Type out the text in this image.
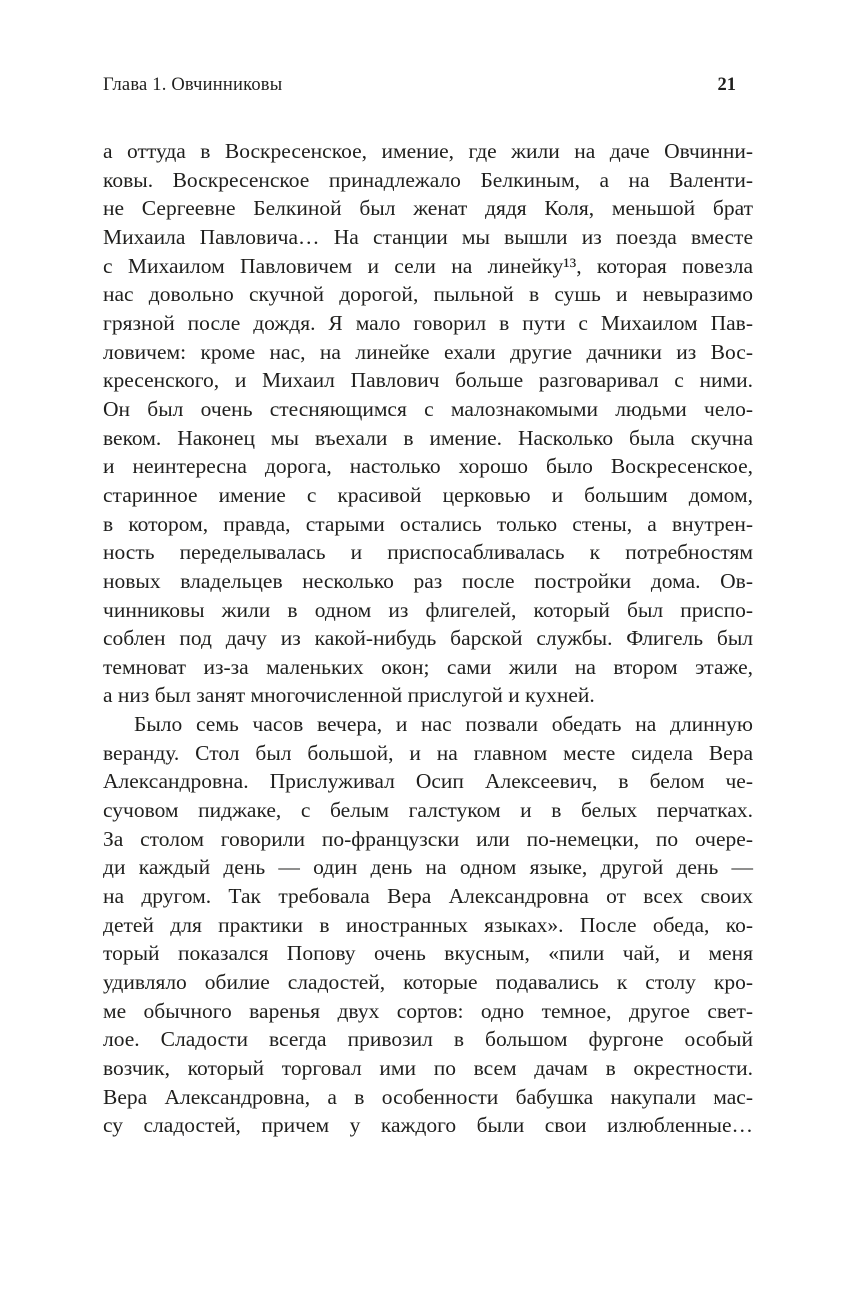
Глава 1. Овчинниковы	21
а оттуда в Воскресенское, имение, где жили на даче Овчинни-
ковы. Воскресенское принадлежало Белкиным, а на Валенти-
не Сергеевне Белкиной был женат дядя Коля, меньшой брат
Михаила Павловича… На станции мы вышли из поезда вместе
с Михаилом Павловичем и сели на линейку¹³, которая повезла
нас довольно скучной дорогой, пыльной в сушь и невыразимо
грязной после дождя. Я мало говорил в пути с Михаилом Пав-
ловичем: кроме нас, на линейке ехали другие дачники из Вос-
кресенского, и Михаил Павлович больше разговаривал с ними.
Он был очень стесняющимся с малознакомыми людьми чело-
веком. Наконец мы въехали в имение. Насколько была скучна
и неинтересна дорога, настолько хорошо было Воскресенское,
старинное имение с красивой церковью и большим домом,
в котором, правда, старыми остались только стены, а внутрен-
ность переделывалась и приспосабливалась к потребностям
новых владельцев несколько раз после постройки дома. Ов-
чинниковы жили в одном из флигелей, который был приспо-
соблен под дачу из какой-нибудь барской службы. Флигель был
темноват из-за маленьких окон; сами жили на втором этаже,
а низ был занят многочисленной прислугой и кухней.
Было семь часов вечера, и нас позвали обедать на длинную
веранду. Стол был большой, и на главном месте сидела Вера
Александровна. Прислуживал Осип Алексеевич, в белом че-
сучовом пиджаке, с белым галстуком и в белых перчатках.
За столом говорили по-французски или по-немецки, по очере-
ди каждый день — один день на одном языке, другой день —
на другом. Так требовала Вера Александровна от всех своих
детей для практики в иностранных языках». После обеда, ко-
торый показался Попову очень вкусным, «пили чай, и меня
удивляло обилие сладостей, которые подавались к столу кро-
ме обычного варенья двух сортов: одно темное, другое свет-
лое. Сладости всегда привозил в большом фургоне особый
возчик, который торговал ими по всем дачам в окрестности.
Вера Александровна, а в особенности бабушка накупали мас-
су сладостей, причем у каждого были свои излюбленные…
